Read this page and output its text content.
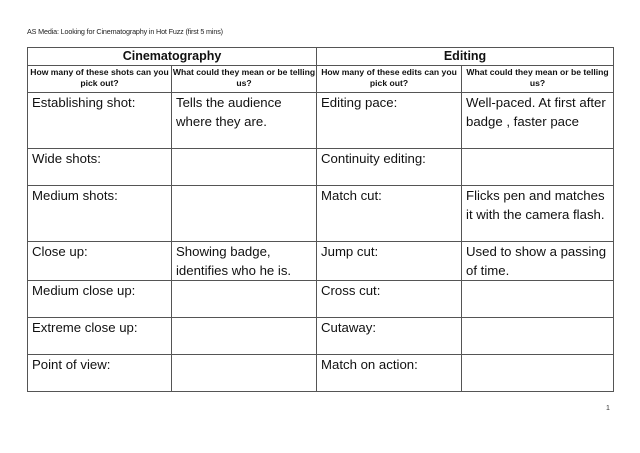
AS Media: Looking for Cinematography in Hot Fuzz (first 5 mins)
Cinematography		Editing	
How many of these shots can you pick out?	What could they mean or be telling us?	How many of these edits can you pick out?	What could they mean or be telling us?
Establishing shot:	Tells the audience where they are.	Editing pace:	Well-paced. At first after badge , faster pace
Wide shots:		Continuity editing:	
Medium shots:		Match cut:	Flicks pen and matches it with the camera flash.
Close up:	Showing badge, identifies who he is.	Jump cut:	Used to show a passing of time.
Medium close up:		Cross cut:	
Extreme close up:		Cutaway:	
Point of view:		Match on action:	
1
